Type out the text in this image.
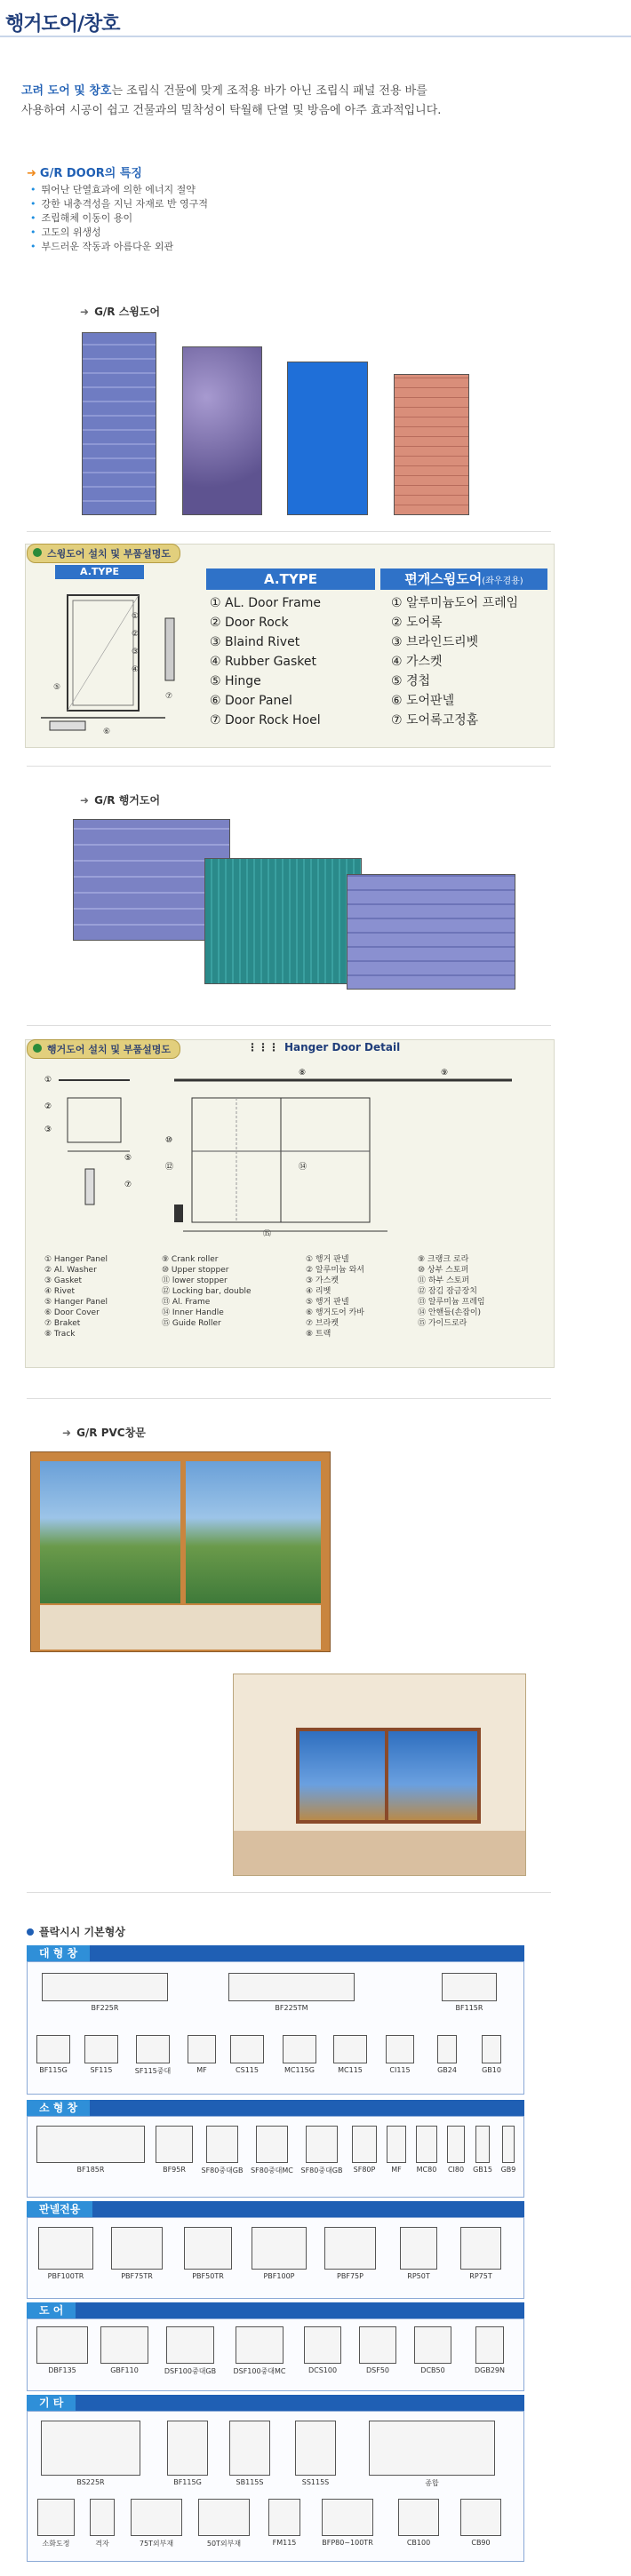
행거도어/창호
고려 도어 및 창호는 조립식 건물에 맞게 조적용 바가 아닌 조립식 패널 전용 바를
사용하여 시공이 쉽고 건물과의 밀착성이 탁월해 단열 및 방음에 아주 효과적입니다.
➜ G/R DOOR의 특징
• 뛰어난 단열효과에 의한 에너지 절약
• 강한 내충격성을 지닌 자재로 반 영구적
• 조립해체 이동이 용이
• 고도의 위생성
• 부드러운 작동과 아름다운 외관
➜ G/R 스윙도어
스윙도어 설치 및 부품설명도
A.TYPE
①
②
③
④
⑤
⑥
⑦
A.TYPE	편개스윙도어(좌우겸용)
① AL. Door Frame
② Door Rock
③ Blaind Rivet
④ Rubber Gasket
⑤ Hinge
⑥ Door Panel
⑦ Door Rock Hoel
① 알루미늄도어 프레임
② 도어록
③ 브라인드리벳
④ 가스켓
⑤ 경첩
⑥ 도어판넬
⑦ 도어록고정홈
➜ G/R 행거도어
행거도어 설치 및 부품설명도	⋮⋮⋮ Hanger Door Detail
①
②
③
⑤
⑦
⑧	⑨
⑩
⑫	⑭
⑮
① Hanger Panel
② Al. Washer
③ Gasket
④ Rivet
⑤ Hanger Panel
⑥ Door Cover
⑦ Braket
⑧ Track
⑨ Crank roller
⑩ Upper stopper
⑪ lower stopper
⑫ Locking bar, double
⑬ Al. Frame
⑭ Inner Handle
⑮ Guide Roller
① 행거 판넬
② 알루미늄 와셔
③ 가스켓
④ 리벳
⑤ 행거 판넬
⑥ 행거도어 카바
⑦ 브라켓
⑧ 트랙
⑨ 크랭크 로라
⑩ 상부 스토퍼
⑪ 하부 스토퍼
⑫ 잠김 잠금장치
⑬ 알루미늄 프레임
⑭ 안핸들(손잡이)
⑮ 가이드로라
➜ G/R PVC창문
플락시시 기본형상
대 형 창
BF225R	BF225TM	BF115R
BF115G	SF115	SF115중대	MF	CS115	MC115G	MC115	CI115	GB24	GB10
소 형 창
BF185R	BF95R	SF80중대GB	SF80중대MC	SF80중대GB	SF80P	MF	MC80	CI80	GB15	GB9
판넬전용
PBF100TR	PBF75TR	PBF50TR	PBF100P	PBF75P	RP50T	RP75T
도 어
DBF135	GBF110	DSF100중대GB	DSF100중대MC	DCS100	DSF50	DCB50	DGB29N
기 타
BS225R	BF115G	SB115S	SS115S	종합
소화도정	격자	75T외부재	50T외부재	FM115	BFP80~100TR	CB100	CB90
